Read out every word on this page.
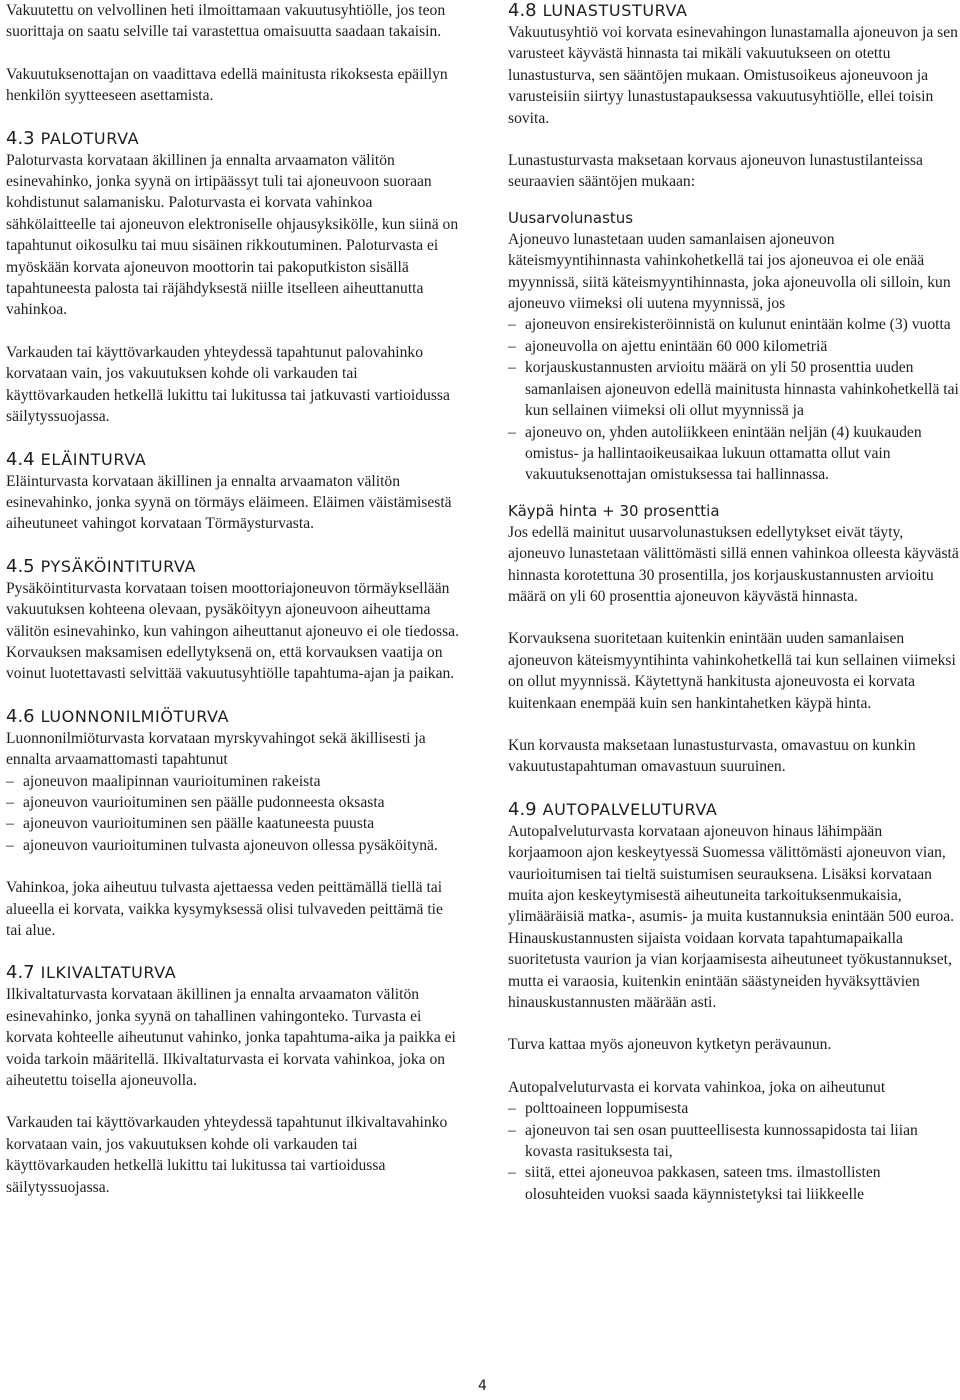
Vakuutettu on velvollinen heti ilmoittamaan vakuutusyhtiölle, jos teon suorittaja on saatu selville tai varastettua omaisuutta saadaan takaisin.

Vakuutuksenottajan on vaadittava edellä mainitusta rikoksesta epäillyn henkilön syytteeseen asettamista.

4.3 PALOTURVA

Paloturvasta korvataan äkillinen ja ennalta arvaamaton välitön esinevahinko, jonka syynä on irtipäässyt tuli tai ajoneuvoon suoraan kohdistunut salamanisku. Paloturvasta ei korvata vahinkoa sähkölaitteelle tai ajoneuvon elektroniselle ohjausyksikölle, kun siinä on tapahtunut oikosulku tai muu sisäinen rikkoutuminen. Paloturvasta ei myöskään korvata ajoneuvon moottorin tai pakoputkiston sisällä tapahtuneesta palosta tai räjähdyksestä niille itselleen aiheuttanutta vahinkoa.

Varkauden tai käyttövarkauden yhteydessä tapahtunut palovahinko korvataan vain, jos vakuutuksen kohde oli varkauden tai käyttövarkauden hetkellä lukittu tai lukitussa tai jatkuvasti vartioidussa säilytyssuojassa.

4.4 ELÄINTURVA

Eläinturvasta korvataan äkillinen ja ennalta arvaamaton välitön esinevahinko, jonka syynä on törmäys eläimeen. Eläimen väistämisestä aiheutuneet vahingot korvataan Törmäysturvasta.

4.5 PYSÄKÖINTITURVA

Pysäköintiturvasta korvataan toisen moottoriajoneuvon törmäyksellään vakuutuksen kohteena olevaan, pysäköityyn ajoneuvoon aiheuttama välitön esinevahinko, kun vahingon aiheuttanut ajoneuvo ei ole tiedossa. Korvauksen maksamisen edellytyksenä on, että korvauksen vaatija on voinut luotettavasti selvittää vakuutusyhtiölle tapahtuma-ajan ja paikan.

4.6 LUONNONILMIÖTURVA

Luonnonilmiöturvasta korvataan myrskyvahingot sekä äkillisesti ja ennalta arvaamattomasti tapahtunut

– ajoneuvon maalipinnan vaurioituminen rakeista
– ajoneuvon vaurioituminen sen päälle pudonneesta oksasta
– ajoneuvon vaurioituminen sen päälle kaatuneesta puusta
– ajoneuvon vaurioituminen tulvasta ajoneuvon ollessa pysäköitynä.

Vahinkoa, joka aiheutuu tulvasta ajettaessa veden peittämällä tiellä tai alueella ei korvata, vaikka kysymyksessä olisi tulvaveden peittämä tie tai alue.

4.7 ILKIVALTATURVA

Ilkivaltaturvasta korvataan äkillinen ja ennalta arvaamaton välitön esinevahinko, jonka syynä on tahallinen vahingonteko. Turvasta ei korvata kohteelle aiheutunut vahinko, jonka tapahtuma-aika ja paikka ei voida tarkoin määritellä. Ilkivaltaturvasta ei korvata vahinkoa, joka on aiheutettu toisella ajoneuvolla.

Varkauden tai käyttövarkauden yhteydessä tapahtunut ilkivaltavahinko korvataan vain, jos vakuutuksen kohde oli varkauden tai käyttövarkauden hetkellä lukittu tai lukitussa tai vartioidussa säilytyssuojassa.

4.8 LUNASTUSTURVA

Vakuutusyhtiö voi korvata esinevahingon lunastamalla ajoneuvon ja sen varusteet käyvästä hinnasta tai mikäli vakuutukseen on otettu lunastusturva, sen sääntöjen mukaan. Omistusoikeus ajoneuvoon ja varusteisiin siirtyy lunastustapauksessa vakuutusyhtiölle, ellei toisin sovita.

Lunastusturvasta maksetaan korvaus ajoneuvon lunastustilanteissa seuraavien sääntöjen mukaan:

Uusarvolunastus

Ajoneuvo lunastetaan uuden samanlaisen ajoneuvon käteismyyntihinnasta vahinkohetkellä tai jos ajoneuvoa ei ole enää myynnissä, siitä käteismyyntihinnasta, joka ajoneuvolla oli silloin, kun ajoneuvo viimeksi oli uutena myynnissä, jos

– ajoneuvon ensirekisteröinnistä on kulunut enintään kolme (3) vuotta
– ajoneuvolla on ajettu enintään 60 000 kilometriä
– korjauskustannusten arvioitu määrä on yli 50 prosenttia uuden samanlaisen ajoneuvon edellä mainitusta hinnasta vahinkohetkellä tai kun sellainen viimeksi oli ollut myynnissä ja
– ajoneuvo on, yhden autoliikkeen enintään neljän (4) kuukauden omistus- ja hallintaoikeusaikaa lukuun ottamatta ollut vain vakuutuksenottajan omistuksessa tai hallinnassa.
Käypä hinta + 30 prosenttia

Jos edellä mainitut uusarvolunastuksen edellytykset eivät täyty, ajoneuvo lunastetaan välittömästi sillä ennen vahinkoa olleesta käyvästä hinnasta korotettuna 30 prosentilla, jos korjauskustannusten arvioitu määrä on yli 60 prosenttia ajoneuvon käyvästä hinnasta.

Korvauksena suoritetaan kuitenkin enintään uuden samanlaisen ajoneuvon käteismyyntihinta vahinkohetkellä tai kun sellainen viimeksi on ollut myynnissä. Käytettynä hankitusta ajoneuvosta ei korvata kuitenkaan enempää kuin sen hankintahetken käypä hinta.

Kun korvausta maksetaan lunastusturvasta, omavastuu on kunkin vakuutustapahtuman omavastuun suuruinen.

4.9 AUTOPALVELUTURVA

Autopalveluturvasta korvataan ajoneuvon hinaus lähimpään korjaamoon ajon keskeytyessä Suomessa välittömästi ajoneuvon vian, vaurioitumisen tai tieltä suistumisen seurauksena. Lisäksi korvataan muita ajon keskeytymisestä aiheutuneita tarkoituksenmukaisia, ylimääräisiä matka-, asumis- ja muita kustannuksia enintään 500 euroa. Hinauskustannusten sijaista voidaan korvata tapahtumapaikalla suoritetusta vaurion ja vian korjaamisesta aiheutuneet työkustannukset, mutta ei varaosia, kuitenkin enintään säästyneiden hyväksyttävien hinauskustannusten määrään asti.

Turva kattaa myös ajoneuvon kytketyn perävaunun.

Autopalveluturvasta ei korvata vahinkoa, joka on aiheutunut

– polttoaineen loppumisesta
– ajoneuvon tai sen osan puutteellisesta kunnossapidosta tai liian kovasta rasituksesta tai,
– siitä, ettei ajoneuvoa pakkasen, sateen tms. ilmastollisten olosuhteiden vuoksi saada käynnistetyksi tai liikkeelle
4
